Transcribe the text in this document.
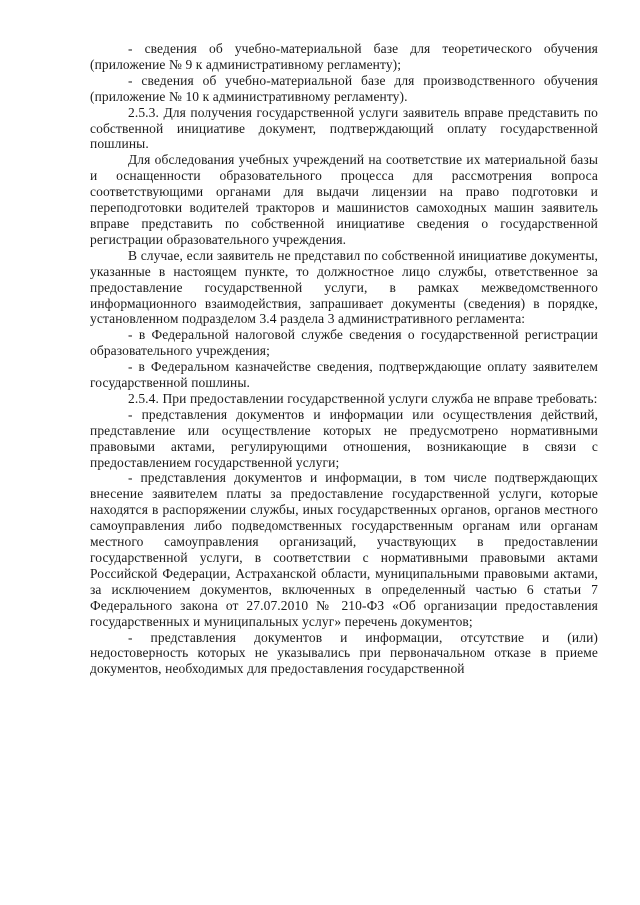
- сведения об учебно-материальной базе для теоретического обучения (приложение № 9 к административному регламенту);

- сведения об учебно-материальной базе для производственного обучения (приложение № 10 к административному регламенту).

2.5.3. Для получения государственной услуги заявитель вправе представить по собственной инициативе документ, подтверждающий оплату государственной пошлины.

Для обследования учебных учреждений на соответствие их материальной базы и оснащенности образовательного процесса для рассмотрения вопроса соответствующими органами для выдачи лицензии на право подготовки и переподготовки водителей тракторов и машинистов самоходных машин заявитель вправе представить по собственной инициативе сведения о государственной регистрации образовательного учреждения.

В случае, если заявитель не представил по собственной инициативе документы, указанные в настоящем пункте, то должностное лицо службы, ответственное за предоставление государственной услуги, в рамках межведомственного информационного взаимодействия, запрашивает документы (сведения) в порядке, установленном подразделом 3.4 раздела 3 административного регламента:

- в Федеральной налоговой службе сведения о государственной регистрации образовательного учреждения;

- в Федеральном казначействе сведения, подтверждающие оплату заявителем государственной пошлины.

2.5.4. При предоставлении государственной услуги служба не вправе требовать:

- представления документов и информации или осуществления действий, представление или осуществление которых не предусмотрено нормативными правовыми актами, регулирующими отношения, возникающие в связи с предоставлением государственной услуги;

- представления документов и информации, в том числе подтверждающих внесение заявителем платы за предоставление государственной услуги, которые находятся в распоряжении службы, иных государственных органов, органов местного самоуправления либо подведомственных государственным органам или органам местного самоуправления организаций, участвующих в предоставлении государственной услуги, в соответствии с нормативными правовыми актами Российской Федерации, Астраханской области, муниципальными правовыми актами, за исключением документов, включенных в определенный частью 6 статьи 7 Федерального закона от 27.07.2010 № 210-ФЗ «Об организации предоставления государственных и муниципальных услуг» перечень документов;

- представления документов и информации, отсутствие и (или) недостоверность которых не указывались при первоначальном отказе в приеме документов, необходимых для предоставления государственной
